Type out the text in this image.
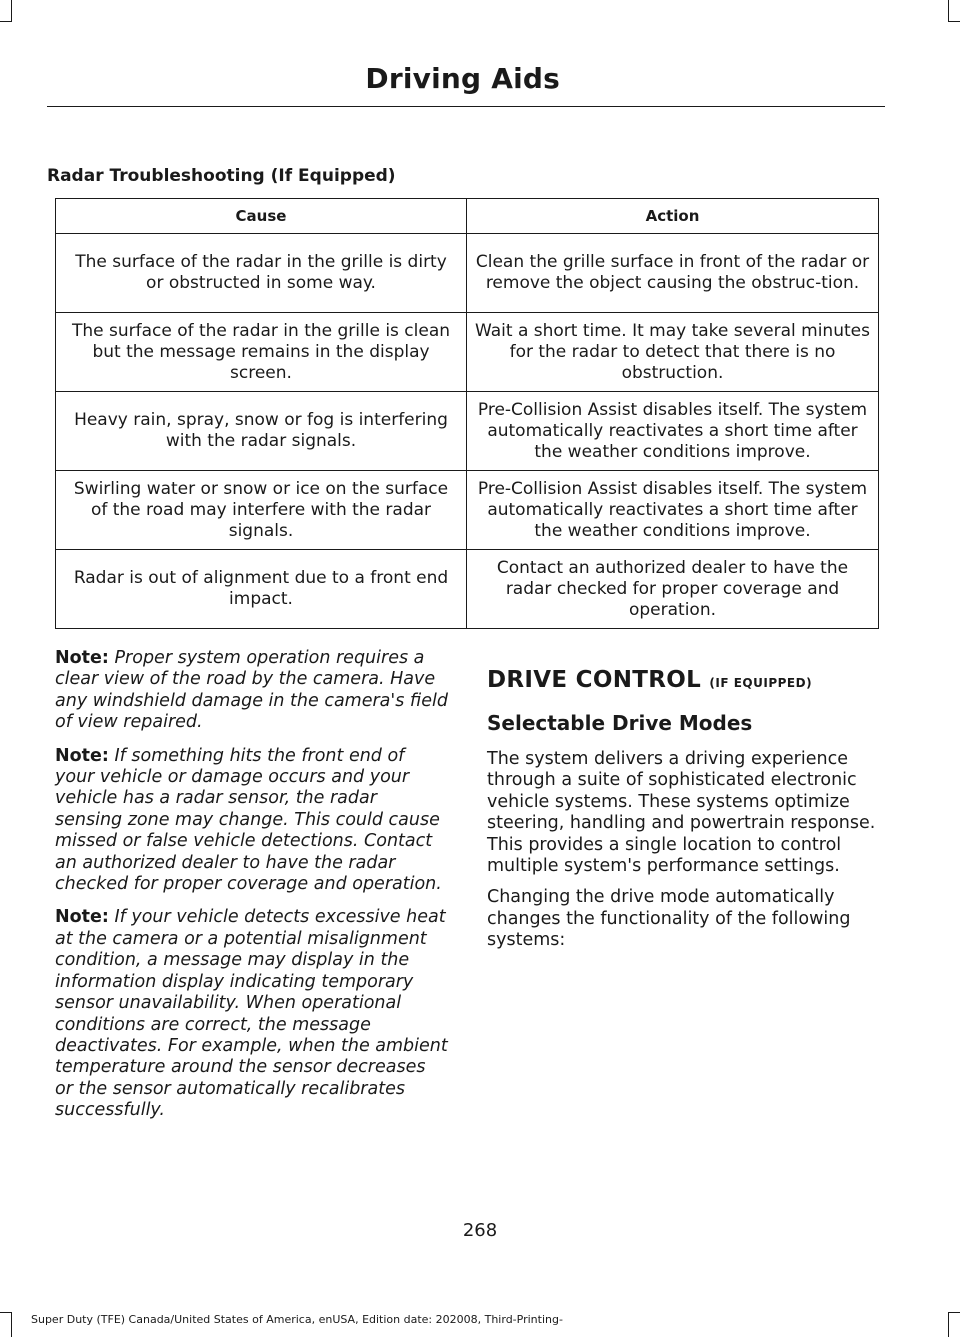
Driving Aids
Radar Troubleshooting (If Equipped)
Cause	Action
The surface of the radar in the grille is dirty or obstructed in some way.	Clean the grille surface in front of the radar or remove the object causing the obstruc-tion.
The surface of the radar in the grille is clean but the message remains in the display screen.	Wait a short time. It may take several minutes for the radar to detect that there is no obstruction.
Heavy rain, spray, snow or fog is interfering with the radar signals.	Pre-Collision Assist disables itself. The system automatically reactivates a short time after the weather conditions improve.
Swirling water or snow or ice on the surface of the road may interfere with the radar signals.	Pre-Collision Assist disables itself. The system automatically reactivates a short time after the weather conditions improve.
Radar is out of alignment due to a front end impact.	Contact an authorized dealer to have the radar checked for proper coverage and operation.

Note: Proper system operation requires a clear view of the road by the camera. Have any windshield damage in the camera's field of view repaired.

Note: If something hits the front end of your vehicle or damage occurs and your vehicle has a radar sensor, the radar sensing zone may change. This could cause missed or false vehicle detections. Contact an authorized dealer to have the radar checked for proper coverage and operation.

Note: If your vehicle detects excessive heat at the camera or a potential misalignment condition, a message may display in the information display indicating temporary sensor unavailability. When operational conditions are correct, the message deactivates. For example, when the ambient temperature around the sensor decreases or the sensor automatically recalibrates successfully.

DRIVE CONTROL (IF EQUIPPED)
Selectable Drive Modes

The system delivers a driving experience through a suite of sophisticated electronic vehicle systems. These systems optimize steering, handling and powertrain response. This provides a single location to control multiple system's performance settings.

Changing the drive mode automatically changes the functionality of the following systems:

268
Super Duty (TFE) Canada/United States of America, enUSA, Edition date: 202008, Third-Printing-
